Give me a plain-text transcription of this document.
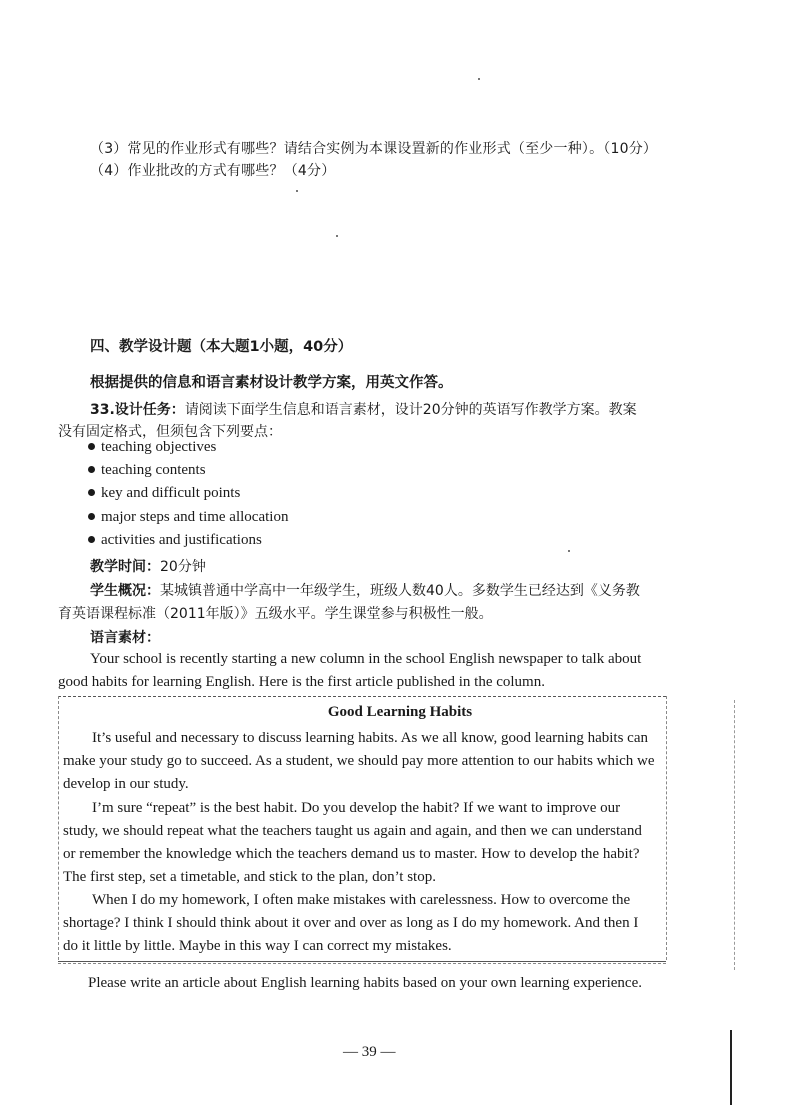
（3）常见的作业形式有哪些？请结合实例为本课设置新的作业形式（至少一种）。（10分）
（4）作业批改的方式有哪些？（4分）
四、教学设计题（本大题1小题，40分）
根据提供的信息和语言素材设计教学方案，用英文作答。
33.设计任务：请阅读下面学生信息和语言素材，设计20分钟的英语写作教学方案。教案
没有固定格式，但须包含下列要点：
teaching objectives
teaching contents
key and difficult points
major steps and time allocation
activities and justifications
教学时间：20分钟
学生概况：某城镇普通中学高中一年级学生，班级人数40人。多数学生已经达到《义务教
育英语课程标准（2011年版）》五级水平。学生课堂参与积极性一般。
语言素材：
Your school is recently starting a new column in the school English newspaper to talk about
good habits for learning English. Here is the first article published in the column.
Good Learning Habits
It’s useful and necessary to discuss learning habits. As we all know, good learning habits can
make your study go to succeed. As a student, we should pay more attention to our habits which we
develop in our study.
I’m sure “repeat” is the best habit. Do you develop the habit? If we want to improve our
study, we should repeat what the teachers taught us again and again, and then we can understand
or remember the knowledge which the teachers demand us to master. How to develop the habit?
The first step, set a timetable, and stick to the plan, don’t stop.
When I do my homework, I often make mistakes with carelessness. How to overcome the
shortage? I think I should think about it over and over as long as I do my homework. And then I
do it little by little. Maybe in this way I can correct my mistakes.
Please write an article about English learning habits based on your own learning experience.
— 39 —
